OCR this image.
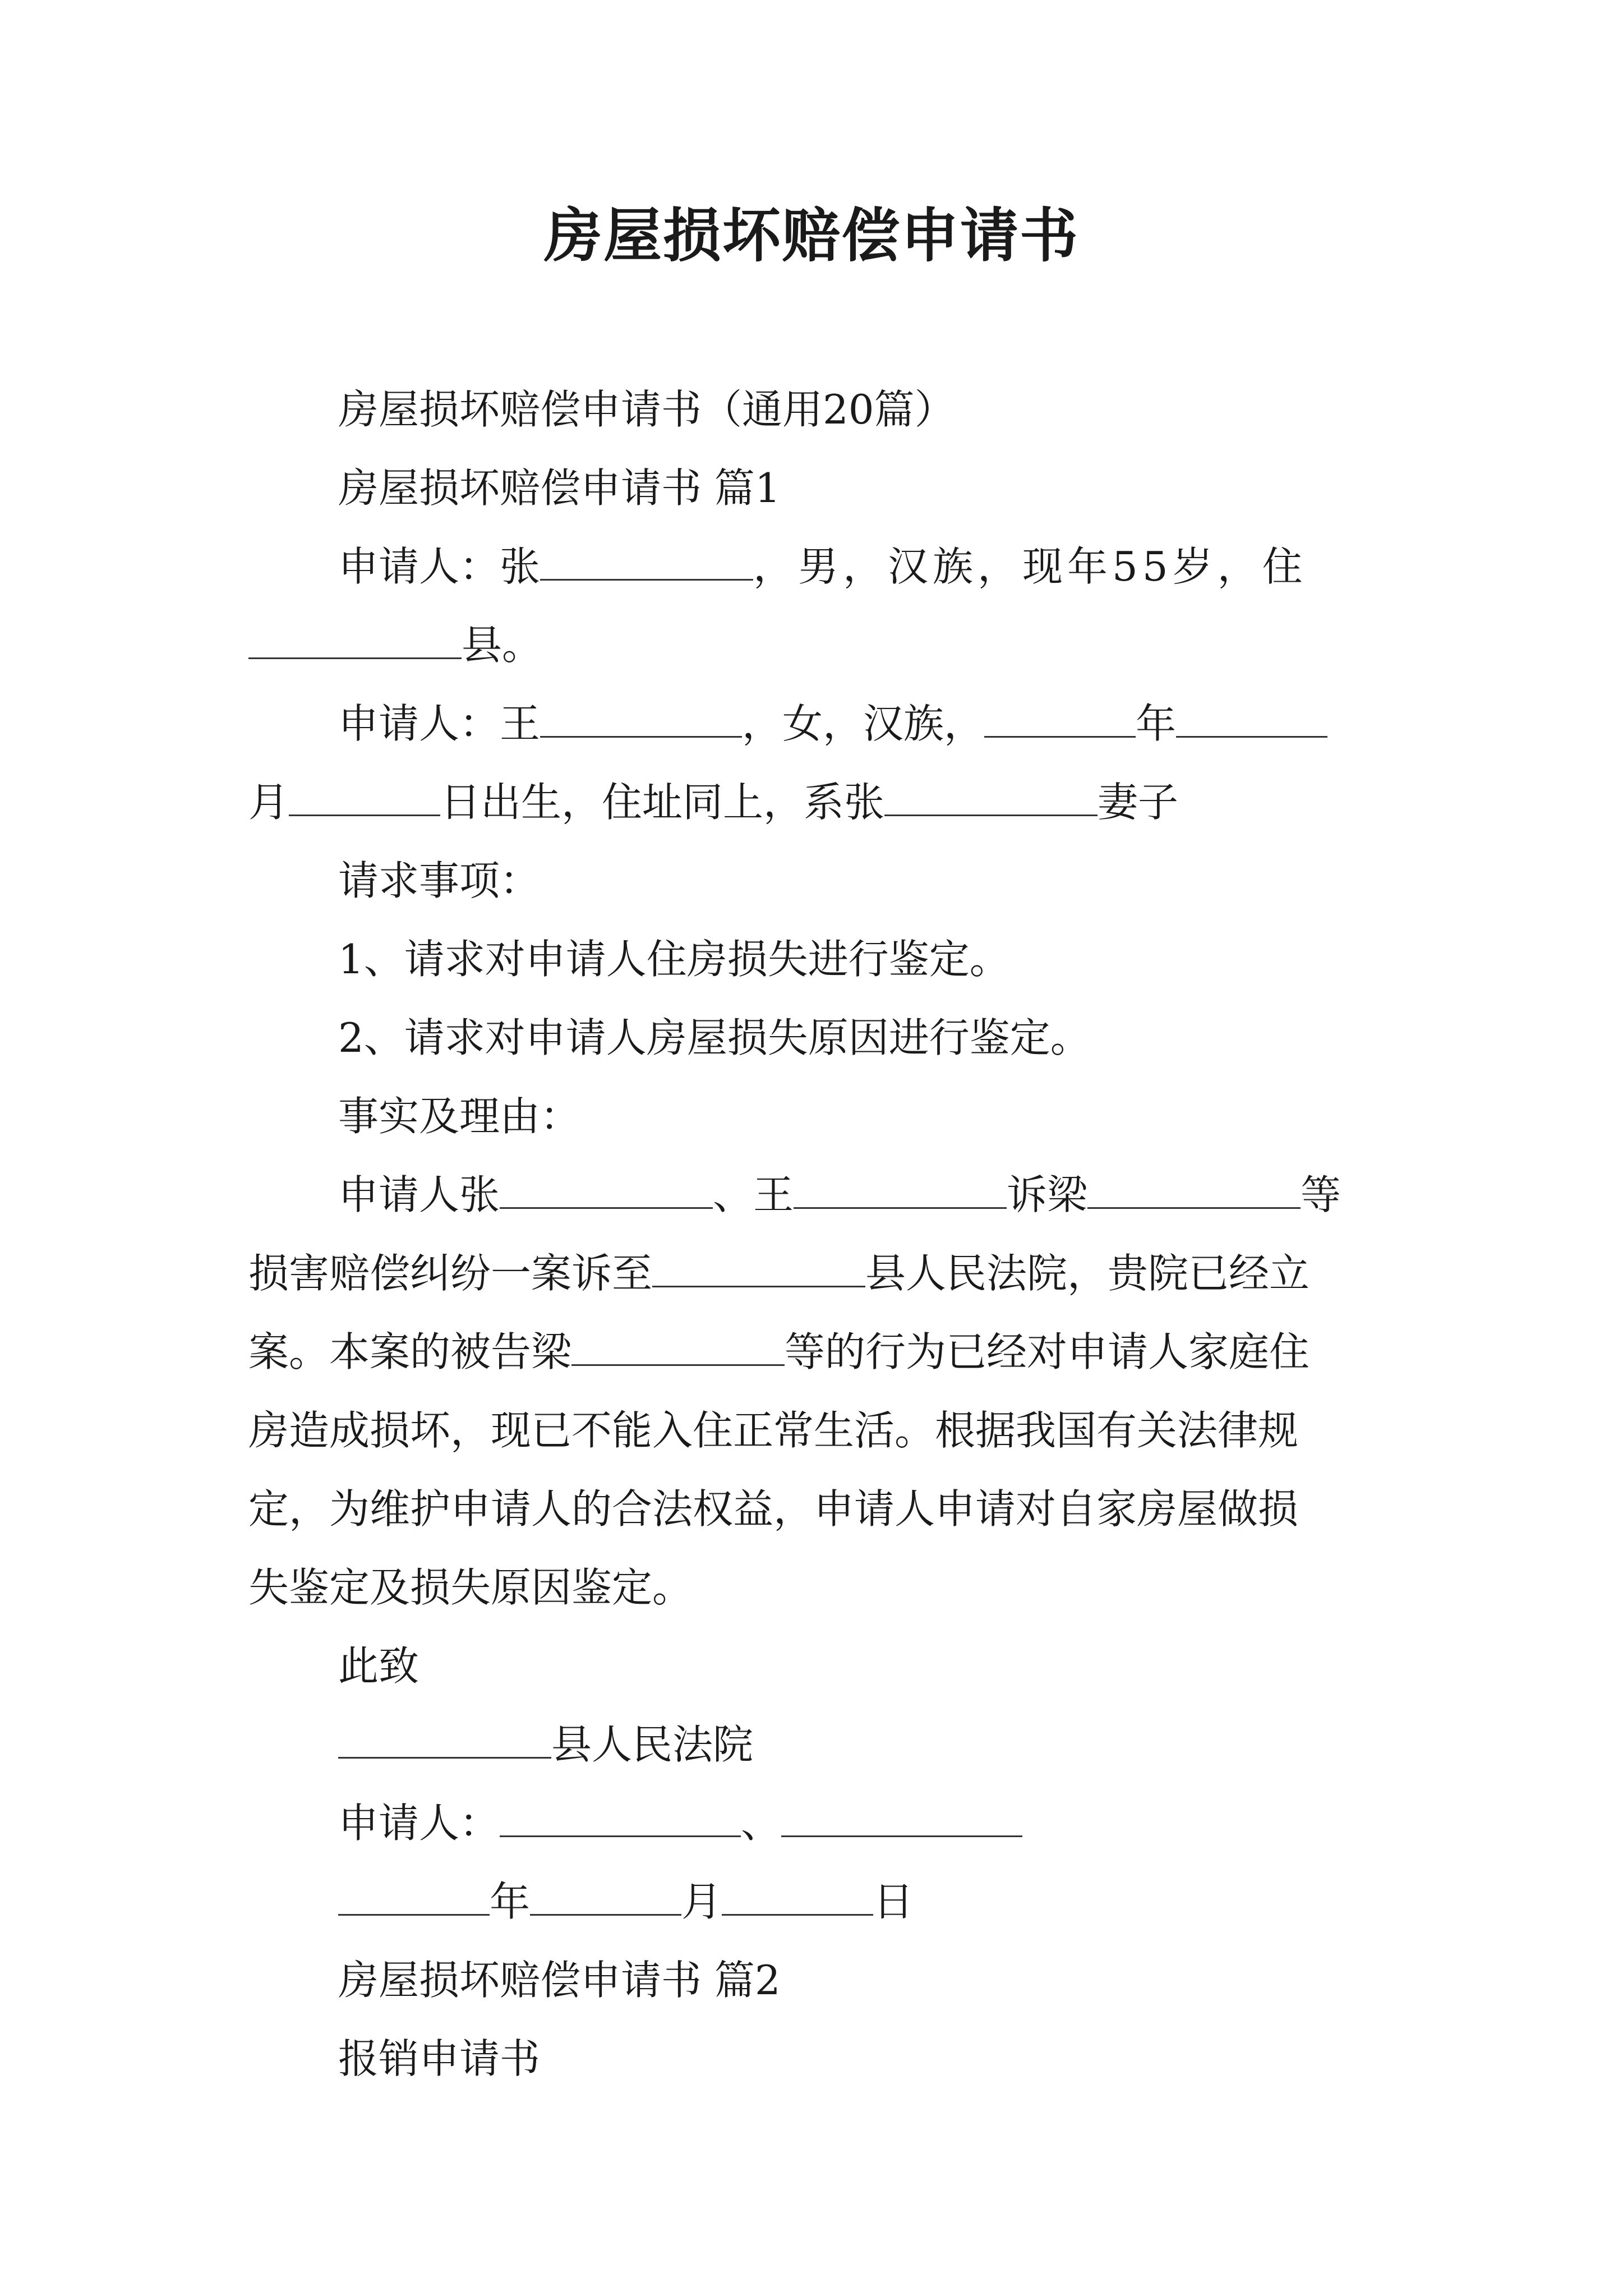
房屋损坏赔偿申请书
房屋损坏赔偿申请书（通用20篇）
房屋损坏赔偿申请书 篇1
申请人：张	，男，汉族，现年55岁，住
县。
申请人：王	，女，汉族，	年
月	日出生，住址同上，系张	妻子
请求事项：
1、请求对申请人住房损失进行鉴定。
2、请求对申请人房屋损失原因进行鉴定。
事实及理由：
申请人张	、王	诉梁	等
损害赔偿纠纷一案诉至	县人民法院，贵院已经立
案。本案的被告梁	等的行为已经对申请人家庭住
房造成损坏，现已不能入住正常生活。根据我国有关法律规
定，为维护申请人的合法权益，申请人申请对自家房屋做损
失鉴定及损失原因鉴定。
此致
县人民法院
申请人：	、
年	月	日
房屋损坏赔偿申请书 篇2
报销申请书
